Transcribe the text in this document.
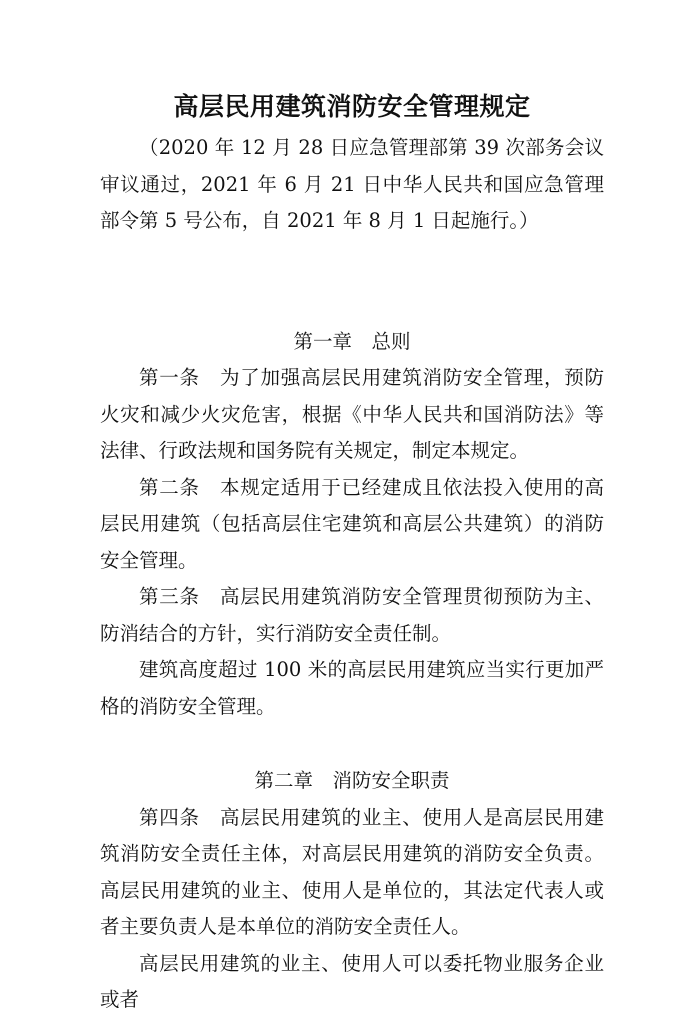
高层民用建筑消防安全管理规定

（2020 年 12 月 28 日应急管理部第 39 次部务会议审议通过，2021 年 6 月 21 日中华人民共和国应急管理部令第 5 号公布，自 2021 年 8 月 1 日起施行。）

第一章　总则

第一条　 为了加强高层民用建筑消防安全管理，预防火灾和减少火灾危害，根据《中华人民共和国消防法》等法律、行政法规和国务院有关规定，制定本规定。

第二条　 本规定适用于已经建成且依法投入使用的高层民用建筑（包括高层住宅建筑和高层公共建筑）的消防安全管理。

第三条　 高层民用建筑消防安全管理贯彻预防为主、防消结合的方针，实行消防安全责任制。

建筑高度超过 100 米的高层民用建筑应当实行更加严格的消防安全管理。

第二章　消防安全职责

第四条　 高层民用建筑的业主、使用人是高层民用建筑消防安全责任主体，对高层民用建筑的消防安全负责。高层民用建筑的业主、使用人是单位的，其法定代表人或者主要负责人是本单位的消防安全责任人。

高层民用建筑的业主、使用人可以委托物业服务企业或者
